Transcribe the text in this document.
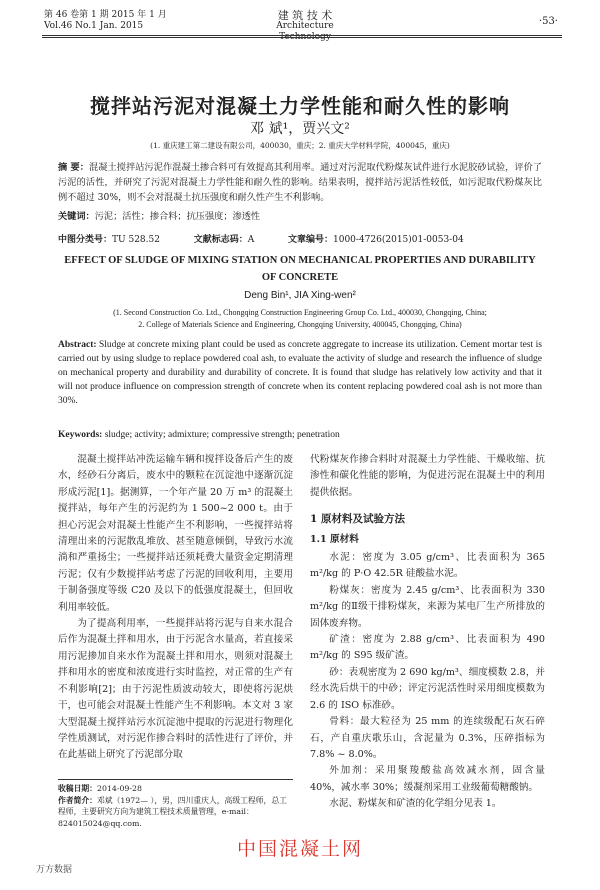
第 46 卷第 1 期 2015 年 1 月
Vol.46 No.1 Jan. 2015
建 筑 技 术
Architecture	·53·
搅拌站污泥对混凝土力学性能和耐久性的影响
邓 斌¹，贾兴文²
(1. 重庆建工第二建设有限公司，400030，重庆；2. 重庆大学材料学院，400045，重庆)
摘 要：混凝土搅拌站污泥作混凝土掺合料可有效提高其利用率。通过对污泥取代粉煤灰试件进行水泥胶砂试验，评价了污泥的活性，并研究了污泥对混凝土力学性能和耐久性的影响。结果表明，搅拌站污泥活性较低，如污泥取代粉煤灰比例不超过 30%，则不会对混凝土抗压强度和耐久性产生不利影响。
关键词：污泥；活性；掺合料；抗压强度；渗透性
中图分类号：TU 528.52	文献标志码：A	文章编号：1000-4726(2015)01-0053-04
EFFECT OF SLUDGE OF MIXING STATION ON MECHANICAL PROPERTIES AND DURABILITY OF CONCRETE
Deng Bin¹, JIA Xing-wen²
(1. Second Construction Co. Ltd., Chongqing Construction Engineering Group Co. Ltd., 400030, Chongqing, China;
2. College of Materials Science and Engineering, Chongqing University, 400045, Chongqing, China)
Abstract: Sludge at concrete mixing plant could be used as concrete aggregate to increase its utilization. Cement mortar test is carried out by using sludge to replace powdered coal ash, to evaluate the activity of sludge and research the influence of sludge on mechanical property and durability and durability of concrete. It is found that sludge has relatively low activity and that it will not produce influence on compression strength of concrete when its content replacing powdered coal ash is not more than 30%.
Keywords: sludge; activity; admixture; compressive strength; penetration

混凝土搅拌站冲洗运输车辆和搅拌设备后产生的废水，经砂石分离后，废水中的颗粒在沉淀池中逐渐沉淀形成污泥[1]。据测算，一个年产量 20 万 m³ 的混凝土搅拌站，每年产生的污泥约为 1 500~2 000 t。由于担心污泥会对混凝土性能产生不利影响，一些搅拌站将清理出来的污泥散乱堆放、甚至随意倾倒，导致污水流淌和严重扬尘；一些搅拌站还须耗费大量资金定期清理污泥；仅有少数搅拌站考虑了污泥的回收利用，主要用于制备强度等级 C20 及以下的低强度混凝土，但回收利用率较低。

为了提高利用率，一些搅拌站将污泥与自来水混合后作为混凝土拌和用水，由于污泥含水量高，若直接采用污泥掺加自来水作为混凝土拌和用水，则须对混凝土拌和用水的密度和浓度进行实时监控，对正常的生产有不利影响[2]；由于污泥性质波动较大，即使将污泥烘干，也可能会对混凝土性能产生不利影响。本文对 3 家大型混凝土搅拌站污水沉淀池中提取的污泥进行物理化学性质测试，对污泥作掺合料时的活性进行了评价，并在此基础上研究了污泥部分取

代粉煤灰作掺合料时对混凝土力学性能、干燥收缩、抗渗性和碳化性能的影响，为促进污泥在混凝土中的利用提供依据。

1 原材料及试验方法

1.1 原材料

水泥：密度为 3.05 g/cm³、比表面积为 365 m²/kg 的 P·O 42.5R 硅酸盐水泥。

粉煤灰：密度为 2.45 g/cm³、比表面积为 330 m²/kg 的Ⅱ级干排粉煤灰，来源为某电厂生产所排放的固体废弃物。

矿渣：密度为 2.88 g/cm³、比表面积为 490 m²/kg 的 S95 级矿渣。

砂：表观密度为 2 690 kg/m³、细度模数 2.8，并经水洗后烘干的中砂；评定污泥活性时采用细度模数为 2.6 的 ISO 标准砂。

骨料：最大粒径为 25 mm 的连续级配石灰石碎石，产自重庆歌乐山，含泥量为 0.3%，压碎指标为 7.8% ~ 8.0%。

外加剂：采用聚羧酸盐高效减水剂，固含量 40%，减水率 30%；缓凝剂采用工业级葡萄糖酸钠。

水泥、粉煤灰和矿渣的化学组分见表 1。

收稿日期：2014-09-28
作者简介：邓斌（1972— ），男，四川重庆人，高级工程师，总工程师，主要研究方向为建筑工程技术质量管理，e-mail：824015024@qq.com.
中国混凝土网
万方数据
